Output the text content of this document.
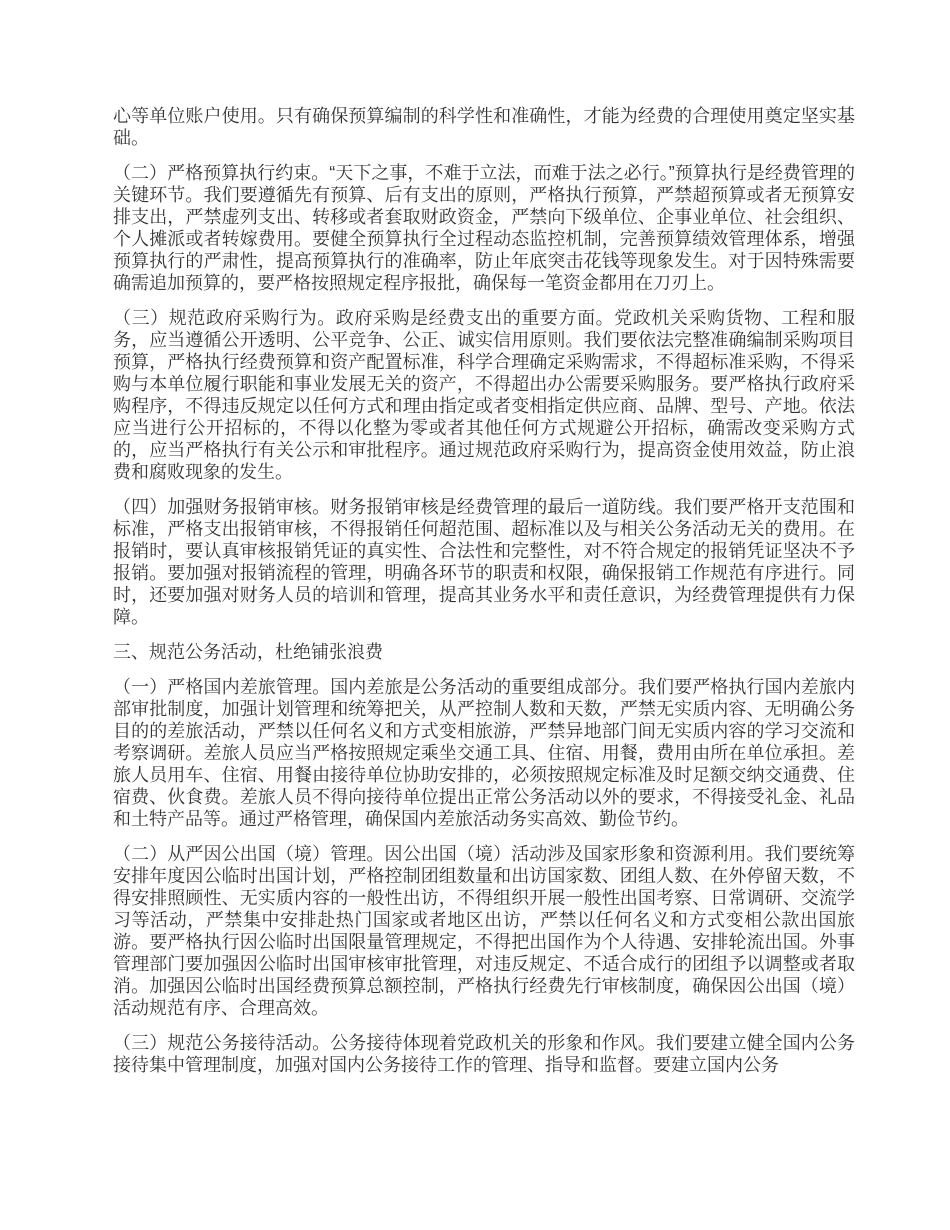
心等单位账户使用。只有确保预算编制的科学性和准确性，才能为经费的合理使用奠定坚实基础。
（二）严格预算执行约束。“天下之事，不难于立法，而难于法之必行。”预算执行是经费管理的关键环节。我们要遵循先有预算、后有支出的原则，严格执行预算，严禁超预算或者无预算安排支出，严禁虚列支出、转移或者套取财政资金，严禁向下级单位、企事业单位、社会组织、个人摊派或者转嫁费用。要健全预算执行全过程动态监控机制，完善预算绩效管理体系，增强预算执行的严肃性，提高预算执行的准确率，防止年底突击花钱等现象发生。对于因特殊需要确需追加预算的，要严格按照规定程序报批，确保每一笔资金都用在刀刃上。
（三）规范政府采购行为。政府采购是经费支出的重要方面。党政机关采购货物、工程和服务，应当遵循公开透明、公平竞争、公正、诚实信用原则。我们要依法完整准确编制采购项目预算，严格执行经费预算和资产配置标准，科学合理确定采购需求，不得超标准采购，不得采购与本单位履行职能和事业发展无关的资产，不得超出办公需要采购服务。要严格执行政府采购程序，不得违反规定以任何方式和理由指定或者变相指定供应商、品牌、型号、产地。依法应当进行公开招标的，不得以化整为零或者其他任何方式规避公开招标，确需改变采购方式的，应当严格执行有关公示和审批程序。通过规范政府采购行为，提高资金使用效益，防止浪费和腐败现象的发生。
（四）加强财务报销审核。财务报销审核是经费管理的最后一道防线。我们要严格开支范围和标准，严格支出报销审核，不得报销任何超范围、超标准以及与相关公务活动无关的费用。在报销时，要认真审核报销凭证的真实性、合法性和完整性，对不符合规定的报销凭证坚决不予报销。要加强对报销流程的管理，明确各环节的职责和权限，确保报销工作规范有序进行。同时，还要加强对财务人员的培训和管理，提高其业务水平和责任意识，为经费管理提供有力保障。
三、规范公务活动，杜绝铺张浪费
（一）严格国内差旅管理。国内差旅是公务活动的重要组成部分。我们要严格执行国内差旅内部审批制度，加强计划管理和统筹把关，从严控制人数和天数，严禁无实质内容、无明确公务目的的差旅活动，严禁以任何名义和方式变相旅游，严禁异地部门间无实质内容的学习交流和考察调研。差旅人员应当严格按照规定乘坐交通工具、住宿、用餐，费用由所在单位承担。差旅人员用车、住宿、用餐由接待单位协助安排的，必须按照规定标准及时足额交纳交通费、住宿费、伙食费。差旅人员不得向接待单位提出正常公务活动以外的要求，不得接受礼金、礼品和土特产品等。通过严格管理，确保国内差旅活动务实高效、勤俭节约。
（二）从严因公出国（境）管理。因公出国（境）活动涉及国家形象和资源利用。我们要统筹安排年度因公临时出国计划，严格控制团组数量和出访国家数、团组人数、在外停留天数，不得安排照顾性、无实质内容的一般性出访，不得组织开展一般性出国考察、日常调研、交流学习等活动，严禁集中安排赴热门国家或者地区出访，严禁以任何名义和方式变相公款出国旅游。要严格执行因公临时出国限量管理规定，不得把出国作为个人待遇、安排轮流出国。外事管理部门要加强因公临时出国审核审批管理，对违反规定、不适合成行的团组予以调整或者取消。加强因公临时出国经费预算总额控制，严格执行经费先行审核制度，确保因公出国（境）活动规范有序、合理高效。
（三）规范公务接待活动。公务接待体现着党政机关的形象和作风。我们要建立健全国内公务接待集中管理制度，加强对国内公务接待工作的管理、指导和监督。要建立国内公务
